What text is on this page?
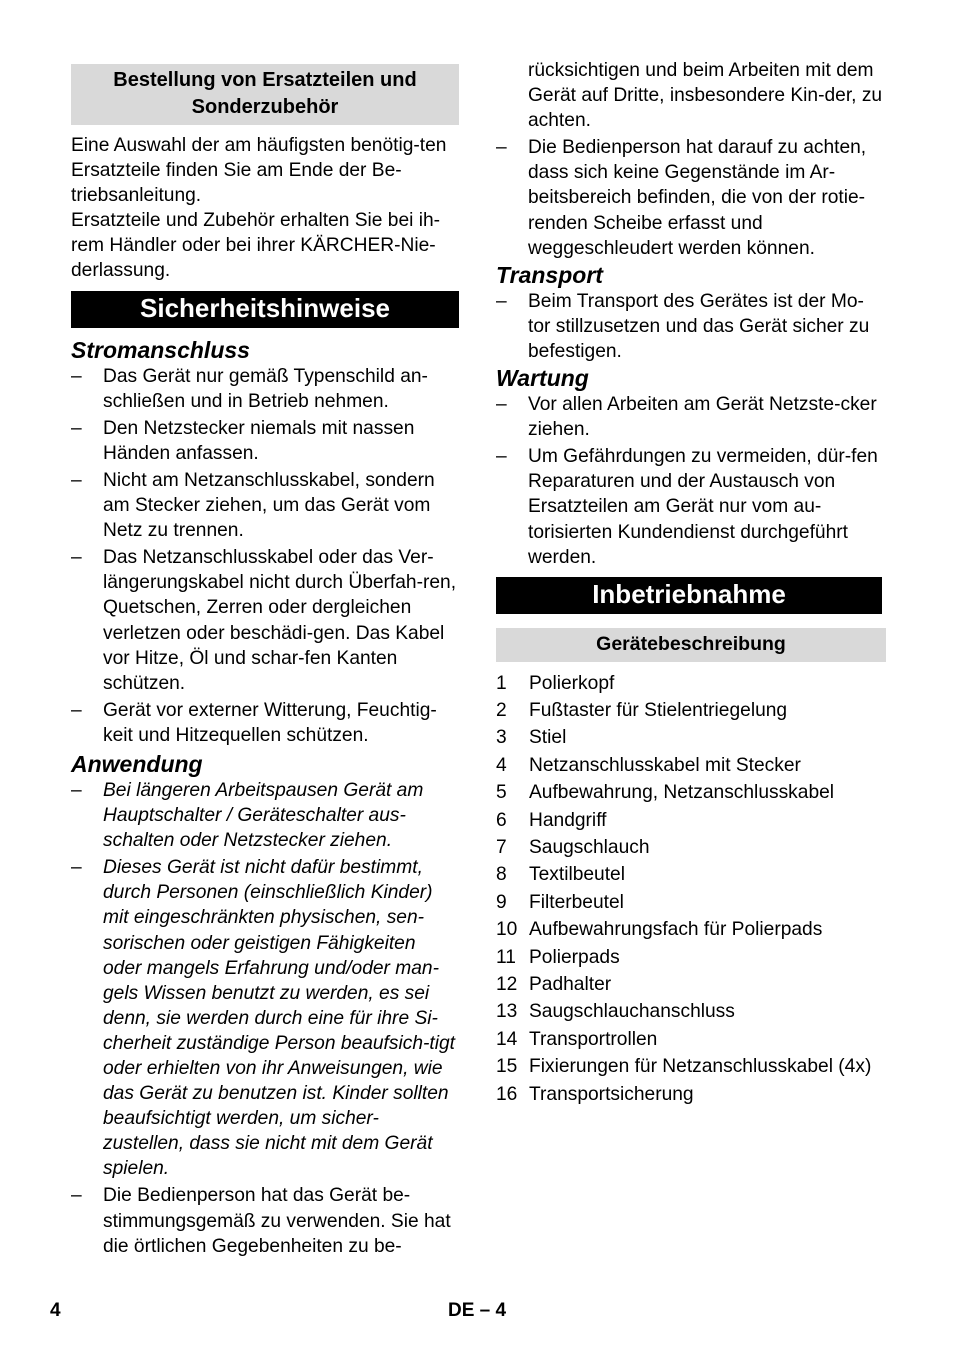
Bestellung von Ersatzteilen und Sonderzubehör

Eine Auswahl der am häufigsten benötig-ten Ersatzteile finden Sie am Ende der Be-triebsanleitung.

Ersatzteile und Zubehör erhalten Sie bei ih-rem Händler oder bei ihrer KÄRCHER-Nie-derlassung.

Sicherheitshinweise
Stromanschluss
– Das Gerät nur gemäß Typenschild an-schließen und in Betrieb nehmen.
– Den Netzstecker niemals mit nassen Händen anfassen.
– Nicht am Netzanschlusskabel, sondern am Stecker ziehen, um das Gerät vom Netz zu trennen.
– Das Netzanschlusskabel oder das Ver-längerungskabel nicht durch Überfah-ren, Quetschen, Zerren oder dergleichen verletzen oder beschädi-gen. Das Kabel vor Hitze, Öl und schar-fen Kanten schützen.
– Gerät vor externer Witterung, Feuchtig-keit und Hitzequellen schützen.
Anwendung
– Bei längeren Arbeitspausen Gerät am Hauptschalter / Geräteschalter aus-schalten oder Netzstecker ziehen.
– Dieses Gerät ist nicht dafür bestimmt, durch Personen (einschließlich Kinder) mit eingeschränkten physischen, sen-sorischen oder geistigen Fähigkeiten oder mangels Erfahrung und/oder man-gels Wissen benutzt zu werden, es sei denn, sie werden durch eine für ihre Si-cherheit zuständige Person beaufsich-tigt oder erhielten von ihr Anweisungen, wie das Gerät zu benutzen ist. Kinder sollten beaufsichtigt werden, um sicher-zustellen, dass sie nicht mit dem Gerät spielen.
– Die Bedienperson hat das Gerät be-stimmungsgemäß zu verwenden. Sie hat die örtlichen Gegebenheiten zu be-

rücksichtigen und beim Arbeiten mit dem Gerät auf Dritte, insbesondere Kin-der, zu achten.

– Die Bedienperson hat darauf zu achten, dass sich keine Gegenstände im Ar-beitsbereich befinden, die von der rotie-renden Scheibe erfasst und weggeschleudert werden können.
Transport
– Beim Transport des Gerätes ist der Mo-tor stillzusetzen und das Gerät sicher zu befestigen.
Wartung
– Vor allen Arbeiten am Gerät Netzste-cker ziehen.
– Um Gefährdungen zu vermeiden, dür-fen Reparaturen und der Austausch von Ersatzteilen am Gerät nur vom au-torisierten Kundendienst durchgeführt werden.
Inbetriebnahme
Gerätebeschreibung
1 Polierkopf
2 Fußtaster für Stielentriegelung
3 Stiel
4 Netzanschlusskabel mit Stecker
5 Aufbewahrung, Netzanschlusskabel
6 Handgriff
7 Saugschlauch
8 Textilbeutel
9 Filterbeutel
10 Aufbewahrungsfach für Polierpads
11 Polierpads
12 Padhalter
13 Saugschlauchanschluss
14 Transportrollen
15 Fixierungen für Netzanschlusskabel (4x)
16 Transportsicherung
4	DE – 4
